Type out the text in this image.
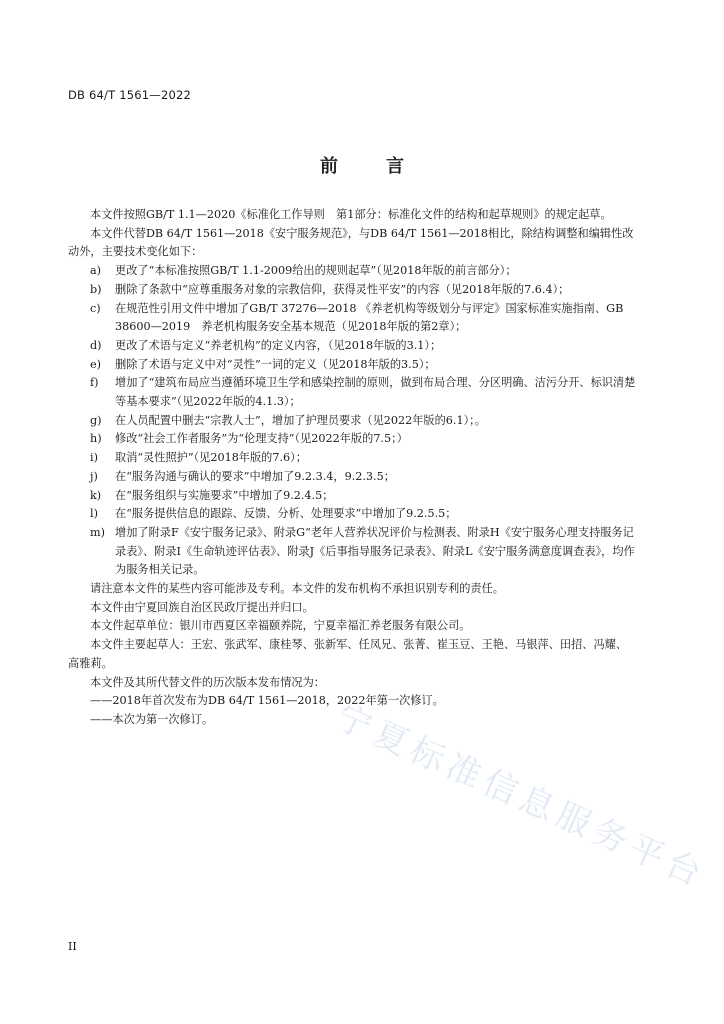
DB 64/T 1561—2022
前	言
宁夏标准信息服务平台

本文件按照GB/T 1.1—2020《标准化工作导则　第1部分：标准化文件的结构和起草规则》的规定起草。

本文件代替DB 64/T 1561—2018《安宁服务规范》，与DB 64/T 1561—2018相比，除结构调整和编辑性改动外，主要技术变化如下：

a)	更改了“本标准按照GB/T 1.1-2009给出的规则起草”（见2018年版的前言部分）；
b)	删除了条款中“应尊重服务对象的宗教信仰，获得灵性平安”的内容（见2018年版的7.6.4）；
c)	在规范性引用文件中增加了GB/T 37276—2018 《养老机构等级划分与评定》国家标准实施指南、GB 38600—2019　养老机构服务安全基本规范（见2018年版的第2章）；
d)	更改了术语与定义“养老机构”的定义内容，（见2018年版的3.1）；
e)	删除了术语与定义中对“灵性”一词的定义（见2018年版的3.5）；
f)	增加了“建筑布局应当遵循环境卫生学和感染控制的原则，做到布局合理、分区明确、洁污分开、标识清楚等基本要求”（见2022年版的4.1.3）；
g)	在人员配置中删去“宗教人士”，增加了护理员要求（见2022年版的6.1）；。
h)	修改“社会工作者服务”为“伦理支持”（见2022年版的7.5；）
i)	取消“灵性照护”（见2018年版的7.6）；
j)	在“服务沟通与确认的要求”中增加了9.2.3.4，9.2.3.5；
k)	在“服务组织与实施要求”中增加了9.2.4.5；
l)	在“服务提供信息的跟踪、反馈、分析、处理要求”中增加了9.2.5.5；
m) 增加了附录F《安宁服务记录》、附录G“老年人营养状况评价与检测表、附录H《安宁服务心理支持服务记录表》、附录I《生命轨迹评估表》、附录J《后事指导服务记录表》、附录L《安宁服务满意度调查表》，均作为服务相关记录。

请注意本文件的某些内容可能涉及专利。本文件的发布机构不承担识别专利的责任。

本文件由宁夏回族自治区民政厅提出并归口。

本文件起草单位：银川市西夏区幸福颐养院，宁夏幸福汇养老服务有限公司。

本文件主要起草人：王宏、张武军、康桂琴、张新军、任凤兄、张菁、崔玉豆、王艳、马银萍、田招、冯耀、高雅莉。

本文件及其所代替文件的历次版本发布情况为：

——2018年首次发布为DB 64/T 1561—2018，2022年第一次修订。

——本次为第一次修订。

II
